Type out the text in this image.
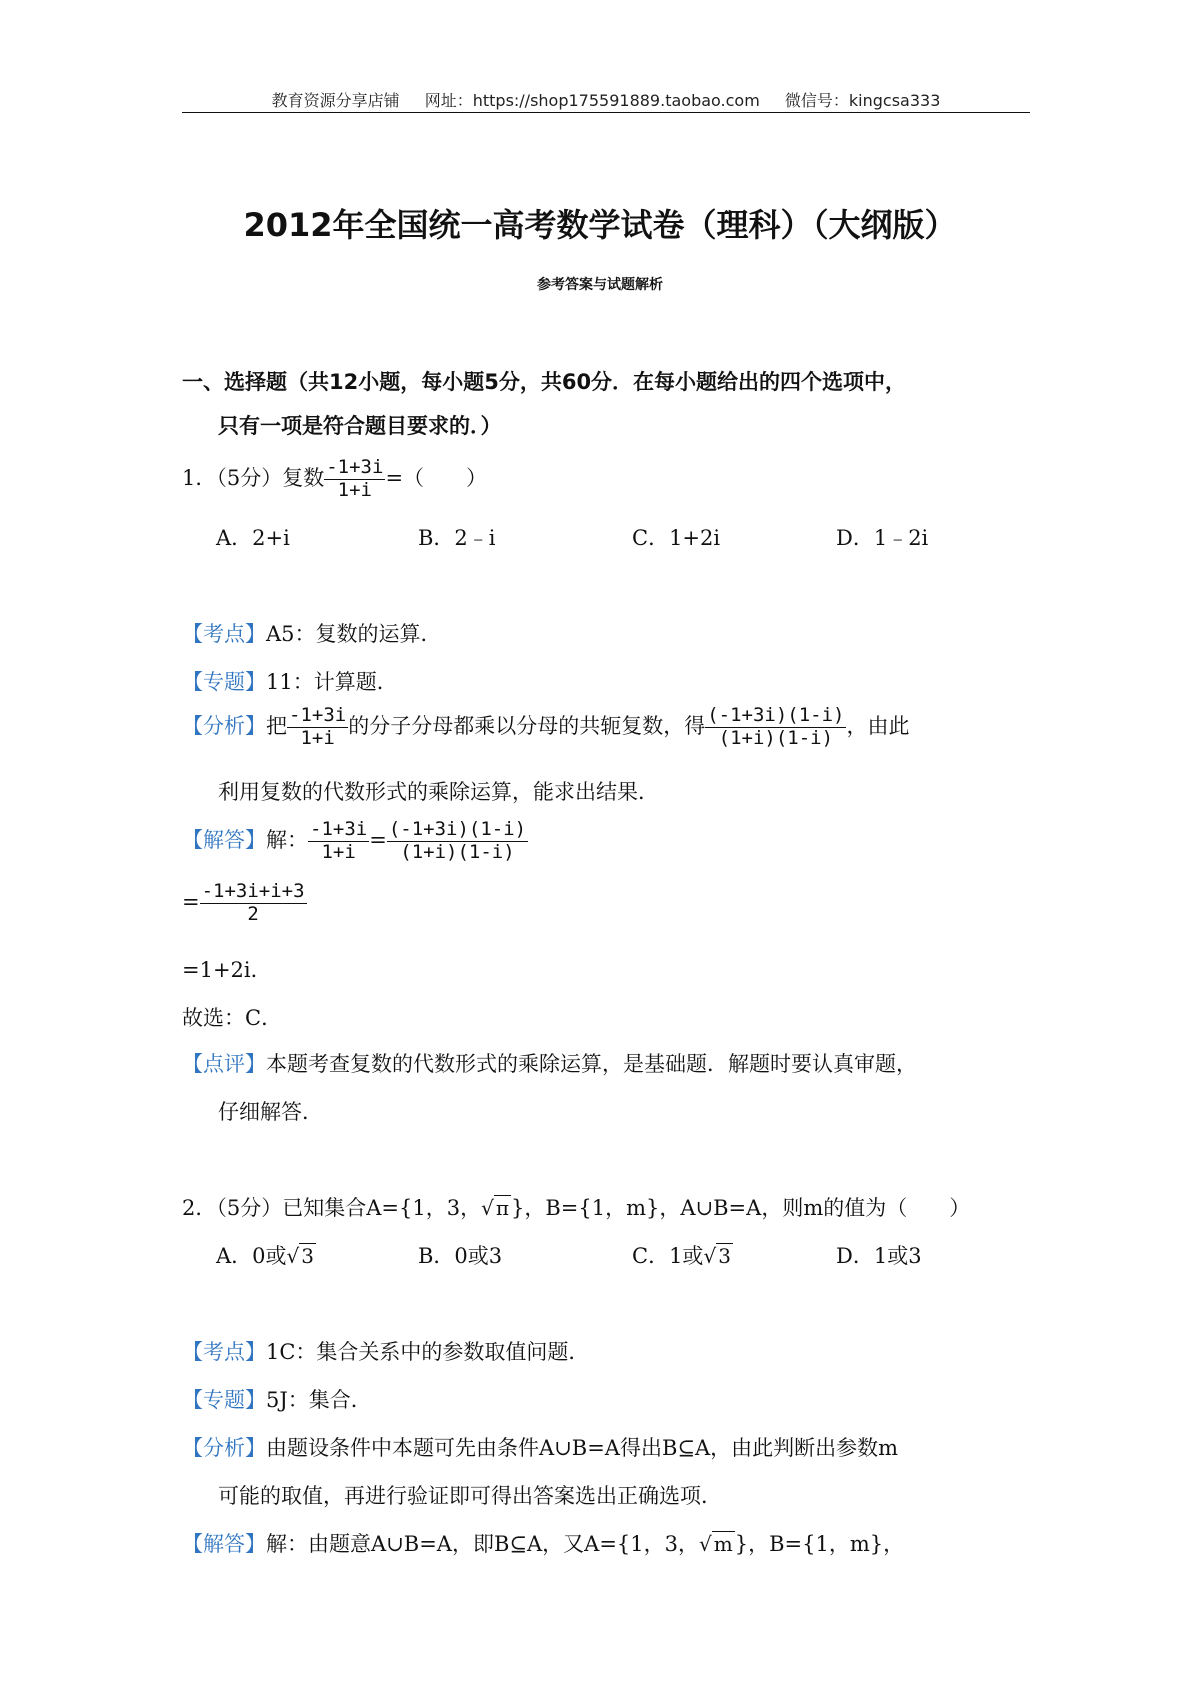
教育资源分享店铺 网址：https://shop175591889.taobao.com 微信号：kingcsa333
2012年全国统一高考数学试卷（理科）（大纲版）
参考答案与试题解析
一、选择题（共12小题，每小题5分，共60分．在每小题给出的四个选项中，
只有一项是符合题目要求的．）
1．（5分）复数 $\frac{-1+3i}{1+i}$ =（　　）
A．2+i	B．2﹣i	C．1+2i	D．1﹣2i
【考点】A5：复数的运算．
【专题】11：计算题．
【分析】把 $\frac{-1+3i}{1+i}$ 的分子分母都乘以分母的共轭复数，得 $\frac{(-1+3i)(1-i)}{(1+i)(1-i)}$ ，由此
利用复数的代数形式的乘除运算，能求出结果．
【解答】解： $\frac{-1+3i}{1+i} = \frac{(-1+3i)(1-i)}{(1+i)(1-i)}$
= $\frac{-1+3i+i+3}{2}$
=1+2i．
故选：C．
【点评】本题考查复数的代数形式的乘除运算，是基础题．解题时要认真审题，
仔细解答．
2．（5分）已知集合A={1，3，√ π}，B={1，m}，A∪B=A，则m的值为（　　）
A．0或√ 3	B．0或3	C．1或√ 3	D．1或3
【考点】1C：集合关系中的参数取值问题．
【专题】5J：集合．
【分析】由题设条件中本题可先由条件A∪B=A得出B⊆A，由此判断出参数m
可能的取值，再进行验证即可得出答案选出正确选项．
【解答】解：由题意A∪B=A，即B⊆A，又A={1，3，√ m}，B={1，m}，
